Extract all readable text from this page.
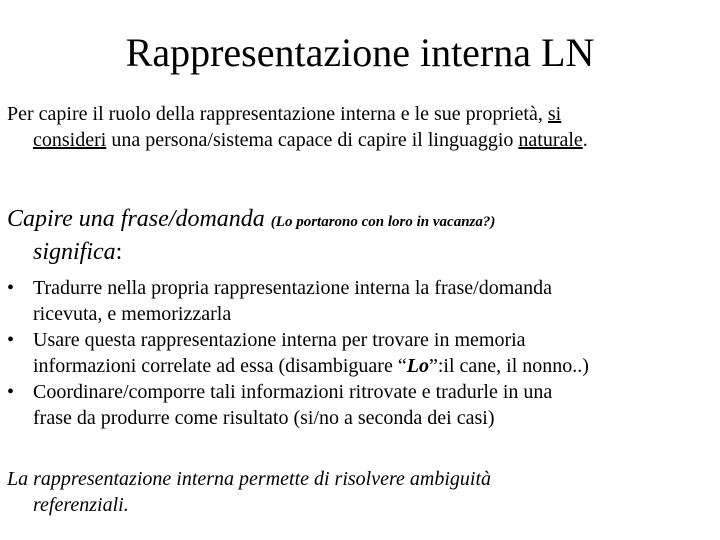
Rappresentazione interna LN
Per capire il ruolo della rappresentazione interna e le sue proprietà, si
consideri una persona/sistema capace di capire il linguaggio naturale.
Capire una frase/domanda (Lo portarono con loro in vacanza?)
significa:
• Tradurre nella propria rappresentazione interna la frase/domanda
ricevuta, e memorizzarla
• Usare questa rappresentazione interna per trovare in memoria
informazioni correlate ad essa (disambiguare “Lo”:il cane, il nonno..)
• Coordinare/comporre tali informazioni ritrovate e tradurle in una
frase da produrre come risultato (si/no a seconda dei casi)
La rappresentazione interna permette di risolvere ambiguità
referenziali.
